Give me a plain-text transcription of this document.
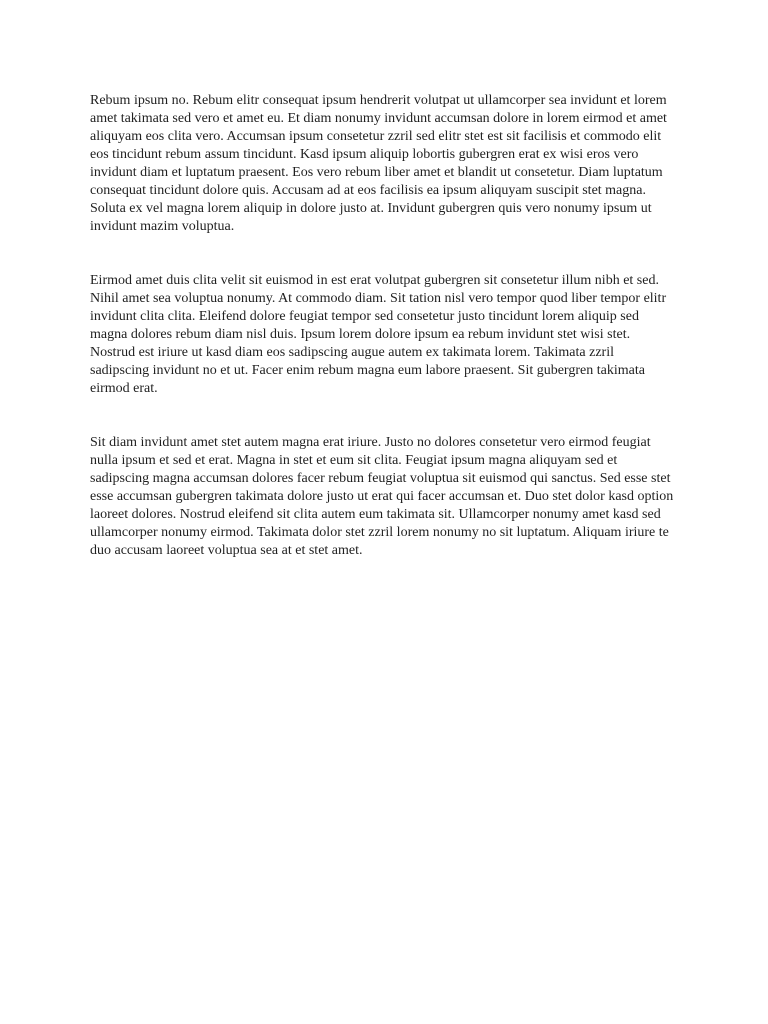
Rebum ipsum no. Rebum elitr consequat ipsum hendrerit volutpat ut ullamcorper sea invidunt et lorem amet takimata sed vero et amet eu. Et diam nonumy invidunt accumsan dolore in lorem eirmod et amet aliquyam eos clita vero. Accumsan ipsum consetetur zzril sed elitr stet est sit facilisis et commodo elit eos tincidunt rebum assum tincidunt. Kasd ipsum aliquip lobortis gubergren erat ex wisi eros vero invidunt diam et luptatum praesent. Eos vero rebum liber amet et blandit ut consetetur. Diam luptatum consequat tincidunt dolore quis. Accusam ad at eos facilisis ea ipsum aliquyam suscipit stet magna. Soluta ex vel magna lorem aliquip in dolore justo at. Invidunt gubergren quis vero nonumy ipsum ut invidunt mazim voluptua.

Eirmod amet duis clita velit sit euismod in est erat volutpat gubergren sit consetetur illum nibh et sed. Nihil amet sea voluptua nonumy. At commodo diam. Sit tation nisl vero tempor quod liber tempor elitr invidunt clita clita. Eleifend dolore feugiat tempor sed consetetur justo tincidunt lorem aliquip sed magna dolores rebum diam nisl duis. Ipsum lorem dolore ipsum ea rebum invidunt stet wisi stet. Nostrud est iriure ut kasd diam eos sadipscing augue autem ex takimata lorem. Takimata zzril sadipscing invidunt no et ut. Facer enim rebum magna eum labore praesent. Sit gubergren takimata eirmod erat.

Sit diam invidunt amet stet autem magna erat iriure. Justo no dolores consetetur vero eirmod feugiat nulla ipsum et sed et erat. Magna in stet et eum sit clita. Feugiat ipsum magna aliquyam sed et sadipscing magna accumsan dolores facer rebum feugiat voluptua sit euismod qui sanctus. Sed esse stet esse accumsan gubergren takimata dolore justo ut erat qui facer accumsan et. Duo stet dolor kasd option laoreet dolores. Nostrud eleifend sit clita autem eum takimata sit. Ullamcorper nonumy amet kasd sed ullamcorper nonumy eirmod. Takimata dolor stet zzril lorem nonumy no sit luptatum. Aliquam iriure te duo accusam laoreet voluptua sea at et stet amet.
